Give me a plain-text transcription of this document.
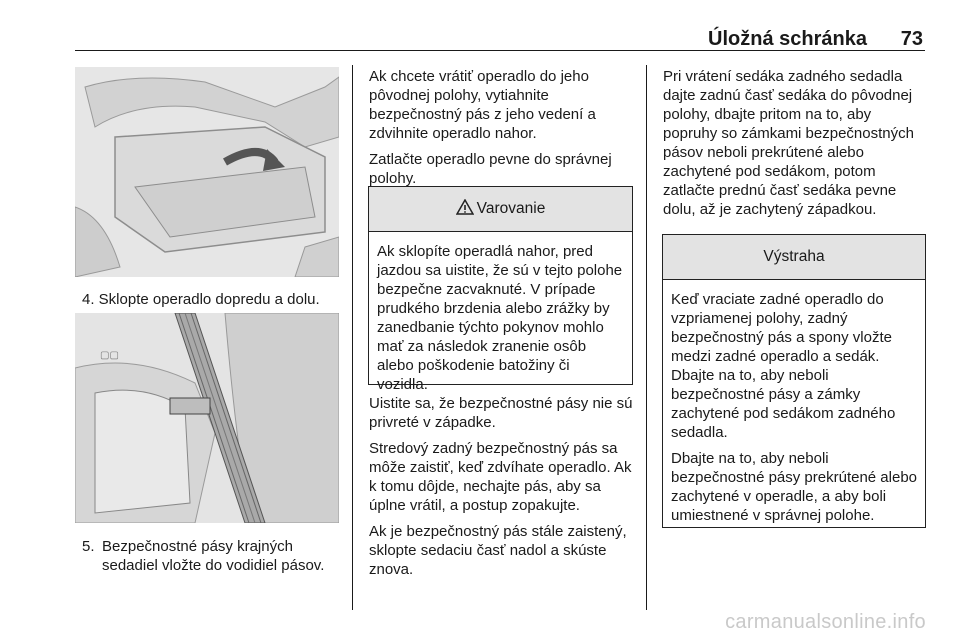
Úložná schránka 73
4. Sklopte operadlo dopredu a dolu.
▢▢
5. Bezpečnostné pásy krajných sedadiel vložte do vodidiel pásov.

Ak chcete vrátiť operadlo do jeho pôvodnej polohy, vytiahnite bezpečnostný pás z jeho vedení a zdvihnite operadlo nahor.

Zatlačte operadlo pevne do správnej polohy.

Varovanie

Ak sklopíte operadlá nahor, pred jazdou sa uistite, že sú v tejto polohe bezpečne zacvaknuté. V prípade prudkého brzdenia alebo zrážky by zanedbanie týchto pokynov mohlo mať za následok zranenie osôb alebo poškodenie batožiny či vozidla.

Uistite sa, že bezpečnostné pásy nie sú privreté v západke.

Stredový zadný bezpečnostný pás sa môže zaistiť, keď zdvíhate operadlo. Ak k tomu dôjde, nechajte pás, aby sa úplne vrátil, a postup zopakujte.

Ak je bezpečnostný pás stále zaistený, sklopte sedaciu časť nadol a skúste znova.

Pri vrátení sedáka zadného sedadla dajte zadnú časť sedáka do pôvodnej polohy, dbajte pritom na to, aby popruhy so zámkami bezpečnostných pásov neboli prekrútené alebo zachytené pod sedákom, potom zatlačte prednú časť sedáka pevne dolu, až je zachytený západkou.

Výstraha

Keď vraciate zadné operadlo do vzpriamenej polohy, zadný bezpečnostný pás a spony vložte medzi zadné operadlo a sedák. Dbajte na to, aby neboli bezpečnostné pásy a zámky zachytené pod sedákom zadného sedadla.

Dbajte na to, aby neboli bezpečnostné pásy prekrútené alebo zachytené v operadle, a aby boli umiestnené v správnej polohe.

carmanualsonline.info
